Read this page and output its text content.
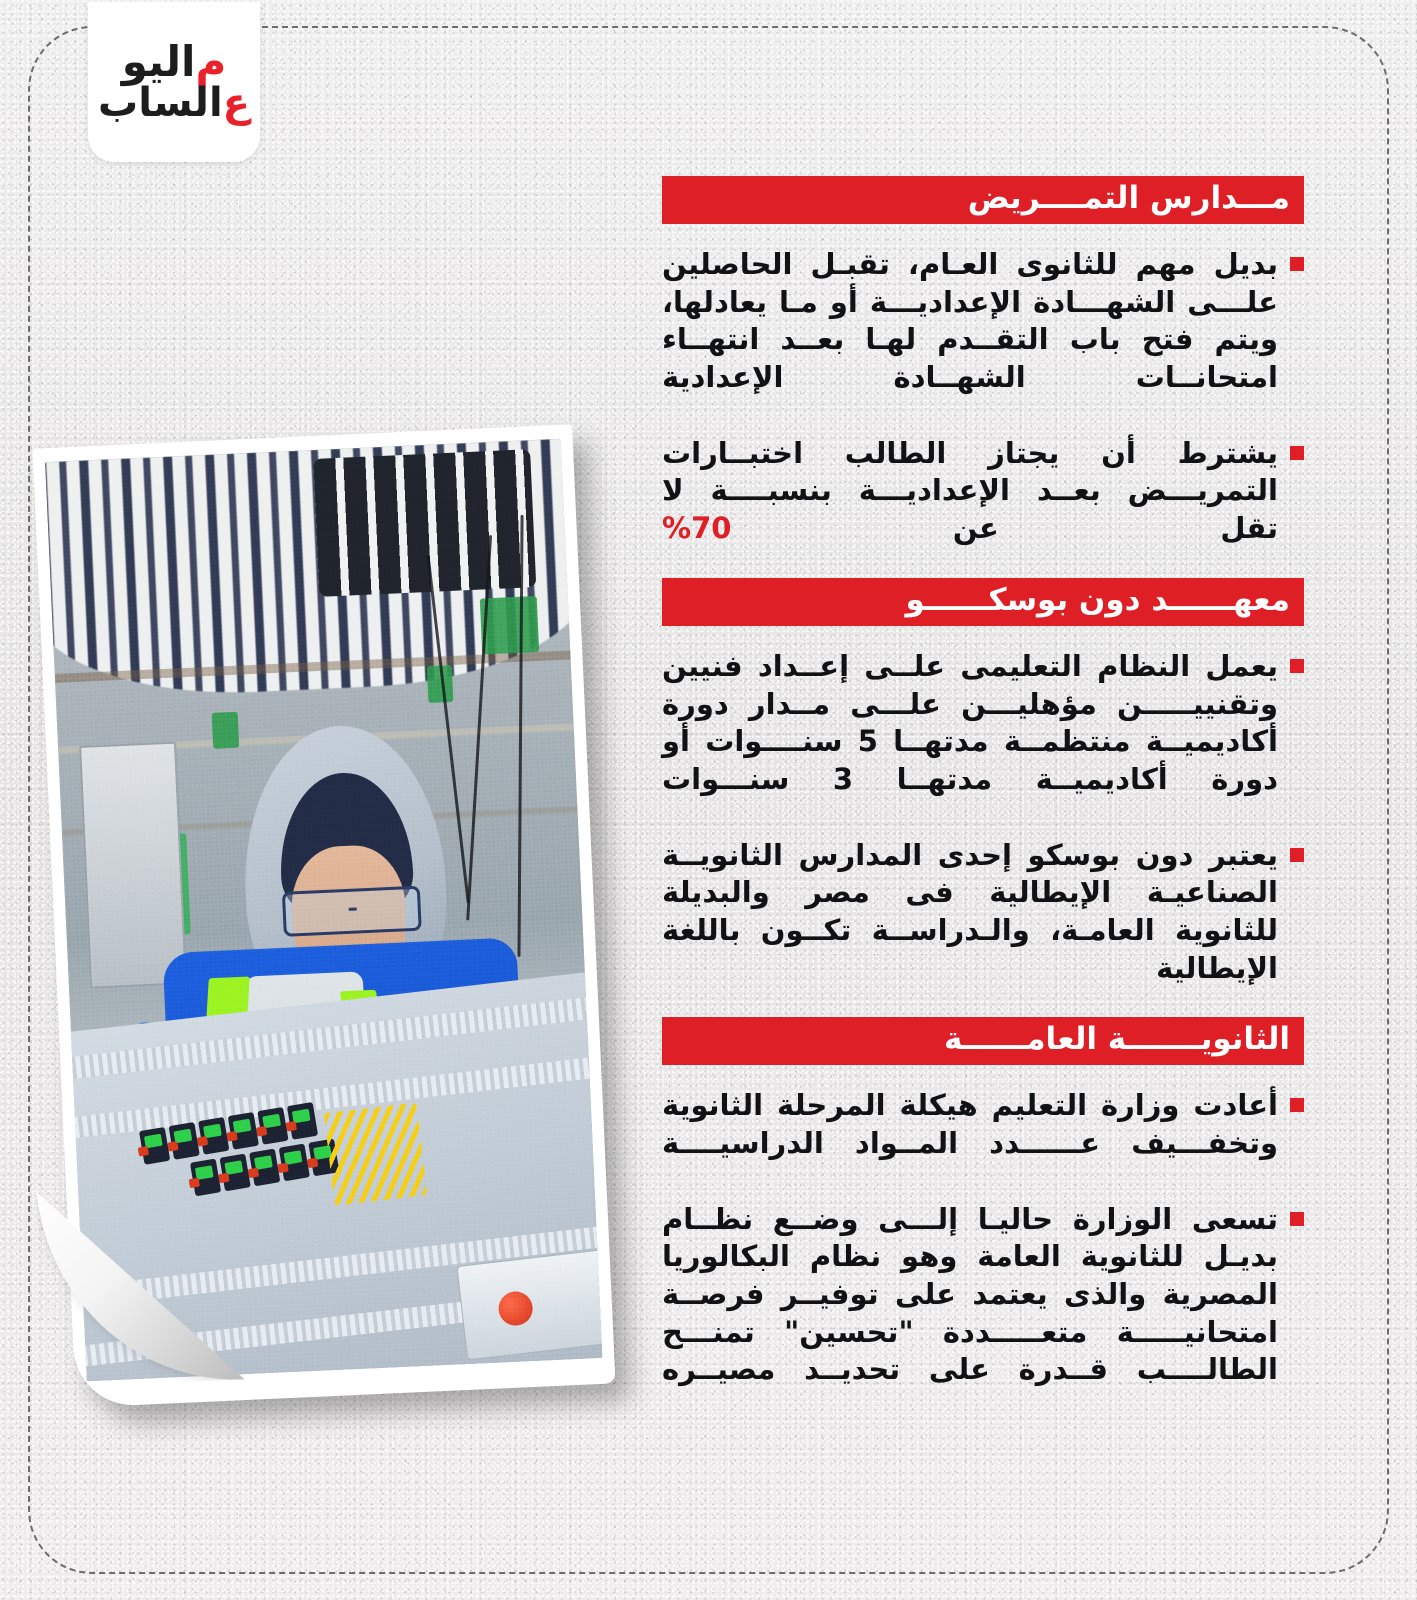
اليو م
الساب ع
مـــدارس التمــــريض
بديل مهم للثانوى العـام، تقبـل الحاصلين علـــى الشهـــادة الإعداديـــة أو مـا يعادلها، ويتم فتح باب التقــدم لهـا بعــد انتهــاء امتحانــات الشهــادة الإعدادية
يشترط أن يجتاز الطالب اختبــارات التمريـــض بعــد الإعداديـــة بنسبــــة لا تقل عن 70%
معهــــــد دون بوسكــــــو
يعمل النظام التعليمى علــى إعــداد فنيين وتقنييـــــن مؤهليـــن علـــى مــدار دورة أكاديميــة منتظمــة مدتهــا 5 سنــــوات أو دورة أكاديميــة مدتهــا 3 سنـــوات
يعتبر دون بوسكو إحدى المدارس الثانويــة الصناعيـة الإيطالية فى مصر والبديلة للثانوية العامـة، والـدراســة تكــون باللغة الإيطالية
الثانويـــــــة العامــــــة
أعادت وزارة التعليم هيكلة المرحلة الثانوية وتخفـــيف عــــــدد المــواد الدراسيــــة
تسعى الوزارة حاليـا إلـــى وضــع نظــام بديـل للثانوية العامة وهو نظام البكالوريا المصرية والذى يعتمد على توفيــر فرصــة امتحانيـــــة متعـــــددة "تحسين" تمنـــح الطالــــب قــدرة على تحديــد مصيــره
